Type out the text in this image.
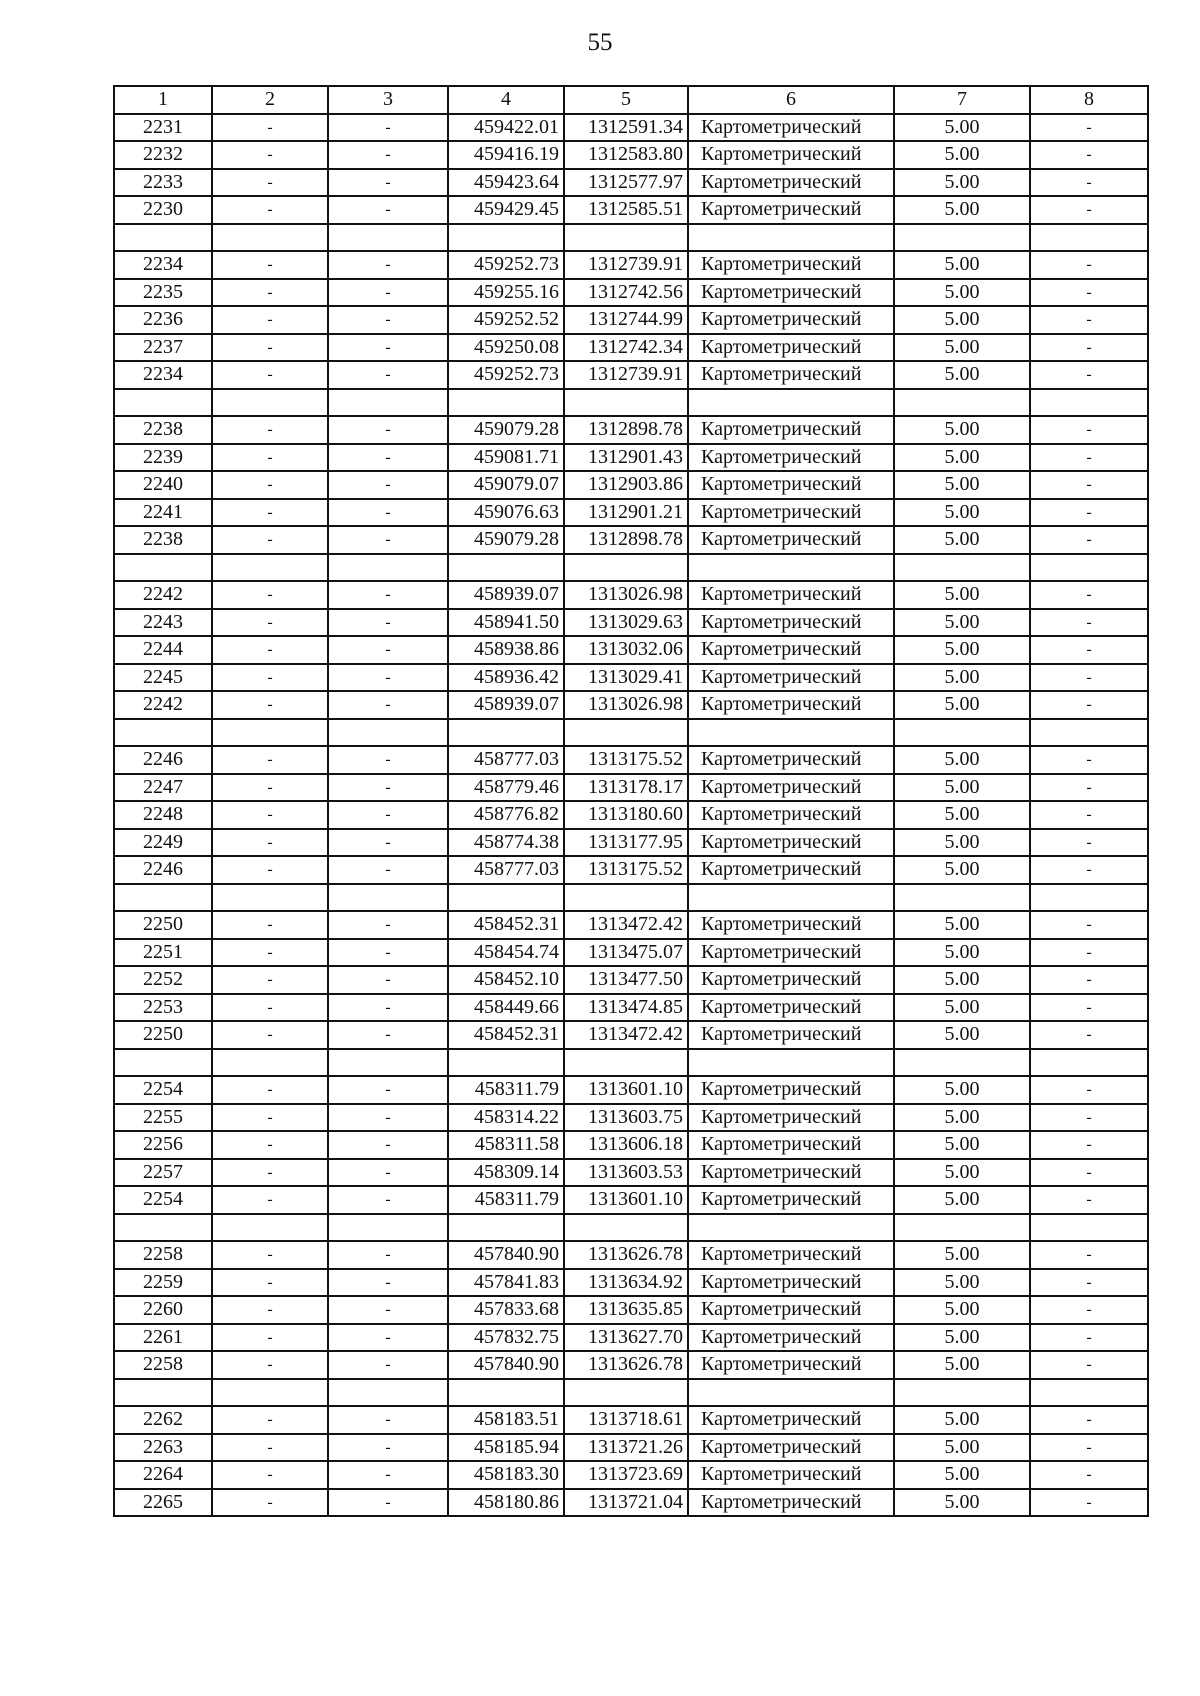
55
1	2	3	4	5	6	7	8
2231	-	-	459422.01	1312591.34	Картометрический	5.00	-
2232	-	-	459416.19	1312583.80	Картометрический	5.00	-
2233	-	-	459423.64	1312577.97	Картометрический	5.00	-
2230	-	-	459429.45	1312585.51	Картометрический	5.00	-

2234	-	-	459252.73	1312739.91	Картометрический	5.00	-
2235	-	-	459255.16	1312742.56	Картометрический	5.00	-
2236	-	-	459252.52	1312744.99	Картометрический	5.00	-
2237	-	-	459250.08	1312742.34	Картометрический	5.00	-
2234	-	-	459252.73	1312739.91	Картометрический	5.00	-

2238	-	-	459079.28	1312898.78	Картометрический	5.00	-
2239	-	-	459081.71	1312901.43	Картометрический	5.00	-
2240	-	-	459079.07	1312903.86	Картометрический	5.00	-
2241	-	-	459076.63	1312901.21	Картометрический	5.00	-
2238	-	-	459079.28	1312898.78	Картометрический	5.00	-

2242	-	-	458939.07	1313026.98	Картометрический	5.00	-
2243	-	-	458941.50	1313029.63	Картометрический	5.00	-
2244	-	-	458938.86	1313032.06	Картометрический	5.00	-
2245	-	-	458936.42	1313029.41	Картометрический	5.00	-
2242	-	-	458939.07	1313026.98	Картометрический	5.00	-

2246	-	-	458777.03	1313175.52	Картометрический	5.00	-
2247	-	-	458779.46	1313178.17	Картометрический	5.00	-
2248	-	-	458776.82	1313180.60	Картометрический	5.00	-
2249	-	-	458774.38	1313177.95	Картометрический	5.00	-
2246	-	-	458777.03	1313175.52	Картометрический	5.00	-

2250	-	-	458452.31	1313472.42	Картометрический	5.00	-
2251	-	-	458454.74	1313475.07	Картометрический	5.00	-
2252	-	-	458452.10	1313477.50	Картометрический	5.00	-
2253	-	-	458449.66	1313474.85	Картометрический	5.00	-
2250	-	-	458452.31	1313472.42	Картометрический	5.00	-

2254	-	-	458311.79	1313601.10	Картометрический	5.00	-
2255	-	-	458314.22	1313603.75	Картометрический	5.00	-
2256	-	-	458311.58	1313606.18	Картометрический	5.00	-
2257	-	-	458309.14	1313603.53	Картометрический	5.00	-
2254	-	-	458311.79	1313601.10	Картометрический	5.00	-

2258	-	-	457840.90	1313626.78	Картометрический	5.00	-
2259	-	-	457841.83	1313634.92	Картометрический	5.00	-
2260	-	-	457833.68	1313635.85	Картометрический	5.00	-
2261	-	-	457832.75	1313627.70	Картометрический	5.00	-
2258	-	-	457840.90	1313626.78	Картометрический	5.00	-

2262	-	-	458183.51	1313718.61	Картометрический	5.00	-
2263	-	-	458185.94	1313721.26	Картометрический	5.00	-
2264	-	-	458183.30	1313723.69	Картометрический	5.00	-
2265	-	-	458180.86	1313721.04	Картометрический	5.00	-
